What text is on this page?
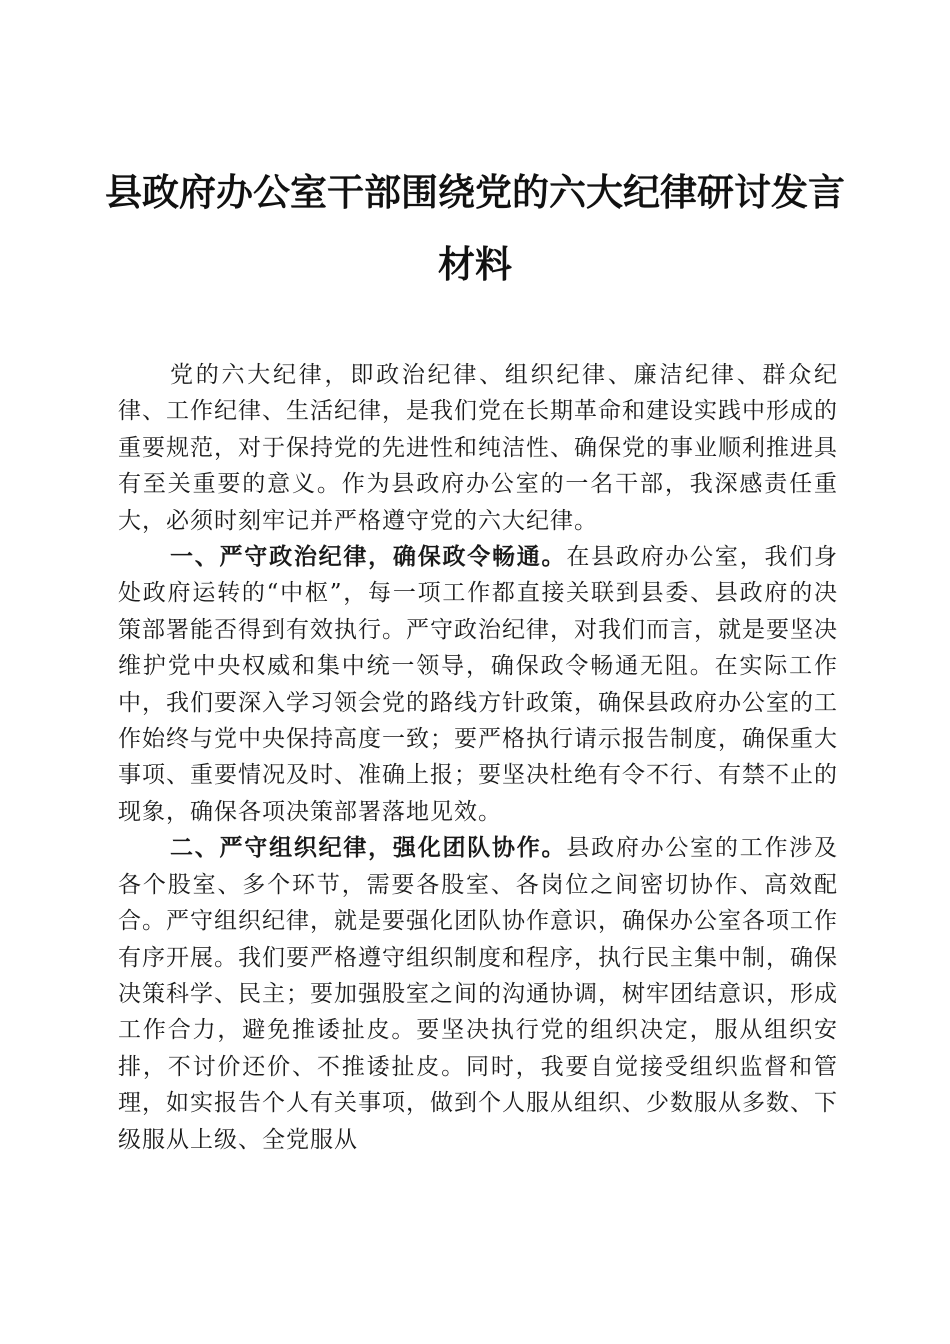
县政府办公室干部围绕党的六大纪律研讨发言
材料

党的六大纪律，即政治纪律、组织纪律、廉洁纪律、群众纪律、工作纪律、生活纪律，是我们党在长期革命和建设实践中形成的重要规范，对于保持党的先进性和纯洁性、确保党的事业顺利推进具有至关重要的意义。作为县政府办公室的一名干部，我深感责任重大，必须时刻牢记并严格遵守党的六大纪律。

一、严守政治纪律，确保政令畅通。在县政府办公室，我们身处政府运转的“中枢”，每一项工作都直接关联到县委、县政府的决策部署能否得到有效执行。严守政治纪律，对我们而言，就是要坚决维护党中央权威和集中统一领导，确保政令畅通无阻。在实际工作中，我们要深入学习领会党的路线方针政策，确保县政府办公室的工作始终与党中央保持高度一致；要严格执行请示报告制度，确保重大事项、重要情况及时、准确上报；要坚决杜绝有令不行、有禁不止的现象，确保各项决策部署落地见效。

二、严守组织纪律，强化团队协作。县政府办公室的工作涉及各个股室、多个环节，需要各股室、各岗位之间密切协作、高效配合。严守组织纪律，就是要强化团队协作意识，确保办公室各项工作有序开展。我们要严格遵守组织制度和程序，执行民主集中制，确保决策科学、民主；要加强股室之间的沟通协调，树牢团结意识，形成工作合力，避免推诿扯皮。要坚决执行党的组织决定，服从组织安排，不讨价还价、不推诿扯皮。同时，我要自觉接受组织监督和管理，如实报告个人有关事项，做到个人服从组织、少数服从多数、下级服从上级、全党服从
